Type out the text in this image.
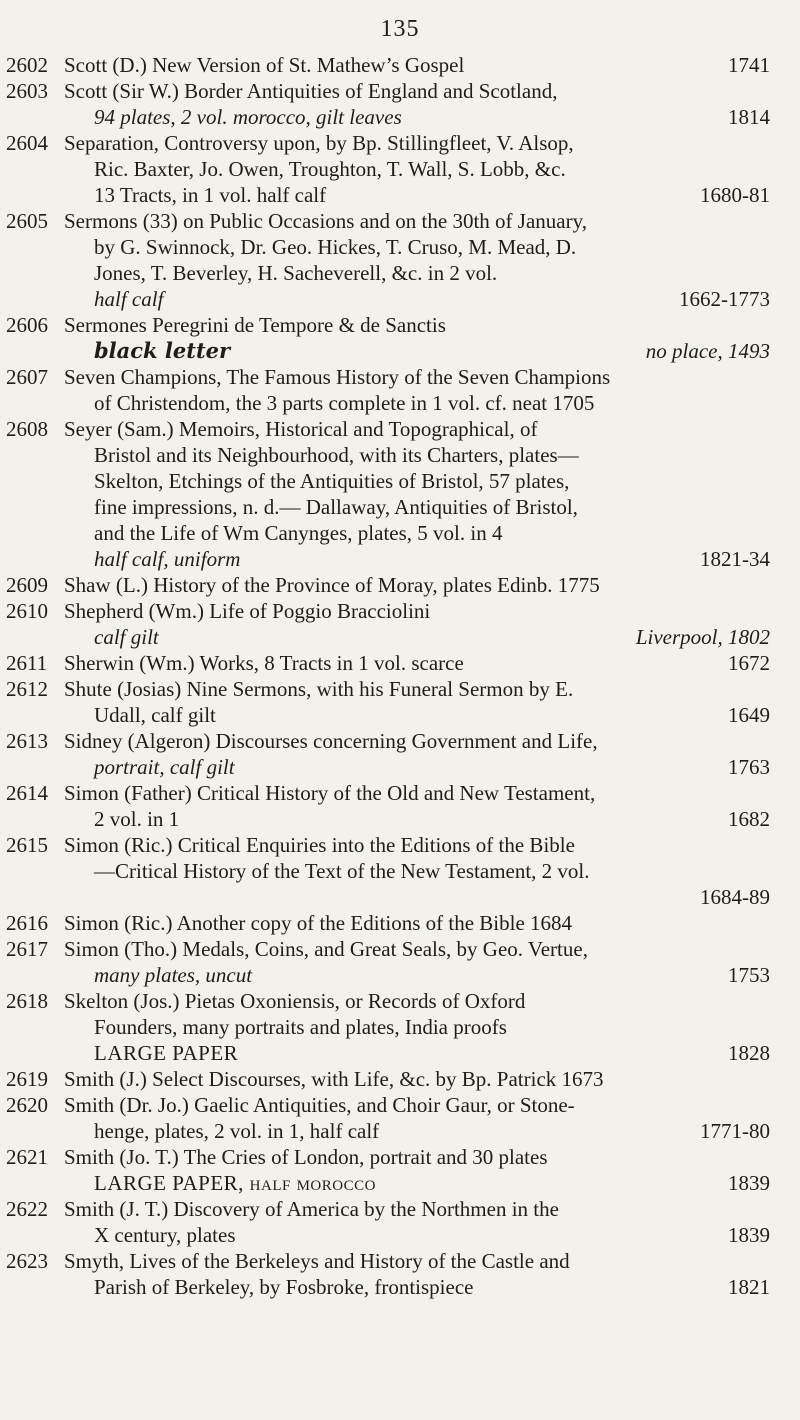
135
2602 Scott (D.) New Version of St. Mathew’s Gospel	1741
2603 Scott (Sir W.) Border Antiquities of England and Scotland,
94 plates, 2 vol. morocco, gilt leaves	1814
2604 Separation, Controversy upon, by Bp. Stillingfleet, V. Alsop,
Ric. Baxter, Jo. Owen, Troughton, T. Wall, S. Lobb, &c.
13 Tracts, in 1 vol. half calf	1680-81
2605 Sermons (33) on Public Occasions and on the 30th of January,
by G. Swinnock, Dr. Geo. Hickes, T. Cruso, M. Mead, D.
Jones, T. Beverley, H. Sacheverell, &c. in 2 vol.
half calf	1662-1773
2606 Sermones Peregrini de Tempore & de Sanctis
black letter	no place, 1493
2607 Seven Champions, The Famous History of the Seven Champions
of Christendom, the 3 parts complete in 1 vol. cf. neat 1705
2608 Seyer (Sam.) Memoirs, Historical and Topographical, of
Bristol and its Neighbourhood, with its Charters, plates—
Skelton, Etchings of the Antiquities of Bristol, 57 plates,
fine impressions, n. d.— Dallaway, Antiquities of Bristol,
and the Life of Wm Canynges, plates, 5 vol. in 4
half calf, uniform	1821-34
2609 Shaw (L.) History of the Province of Moray, plates Edinb. 1775
2610 Shepherd (Wm.) Life of Poggio Bracciolini
calf gilt	Liverpool, 1802
2611 Sherwin (Wm.) Works, 8 Tracts in 1 vol. scarce	1672
2612 Shute (Josias) Nine Sermons, with his Funeral Sermon by E.
Udall, calf gilt	1649
2613 Sidney (Algeron) Discourses concerning Government and Life,
portrait, calf gilt	1763
2614 Simon (Father) Critical History of the Old and New Testament,
2 vol. in 1	1682
2615 Simon (Ric.) Critical Enquiries into the Editions of the Bible
—Critical History of the Text of the New Testament, 2 vol.
1684-89
2616 Simon (Ric.) Another copy of the Editions of the Bible 1684
2617 Simon (Tho.) Medals, Coins, and Great Seals, by Geo. Vertue,
many plates, uncut	1753
2618 Skelton (Jos.) Pietas Oxoniensis, or Records of Oxford
Founders, many portraits and plates, India proofs
LARGE PAPER	1828
2619 Smith (J.) Select Discourses, with Life, &c. by Bp. Patrick 1673
2620 Smith (Dr. Jo.) Gaelic Antiquities, and Choir Gaur, or Stone-
henge, plates, 2 vol. in 1, half calf	1771-80
2621 Smith (Jo. T.) The Cries of London, portrait and 30 plates
LARGE PAPER, half morocco	1839
2622 Smith (J. T.) Discovery of America by the Northmen in the
X century, plates	1839
2623 Smyth, Lives of the Berkeleys and History of the Castle and
Parish of Berkeley, by Fosbroke, frontispiece	1821
